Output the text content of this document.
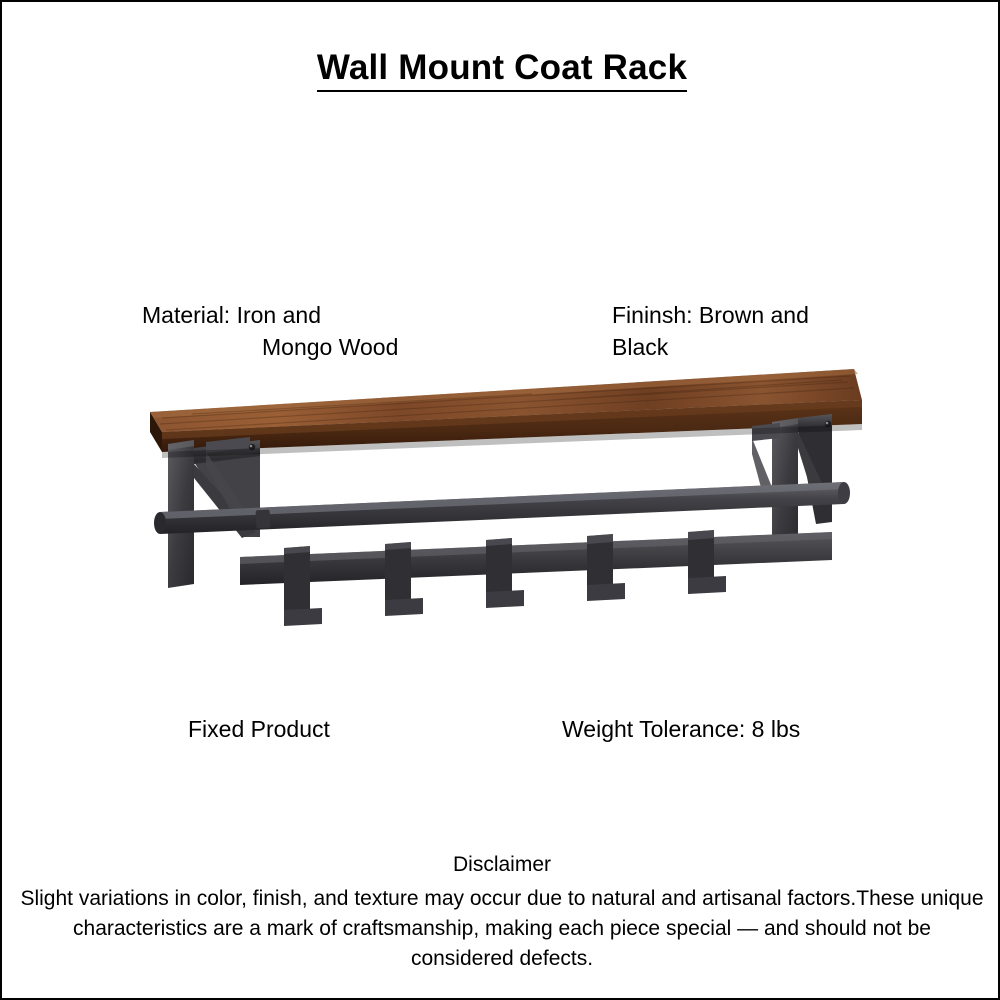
Wall Mount Coat Rack

Material: Iron and

Mongo Wood

Fininsh: Brown and

Black

Fixed Product	Weight Tolerance: 8 lbs
Disclaimer
Slight variations in color, finish, and texture may occur due to natural and artisanal factors.These unique characteristics are a mark of craftsmanship, making each piece special — and should not be considered defects.
